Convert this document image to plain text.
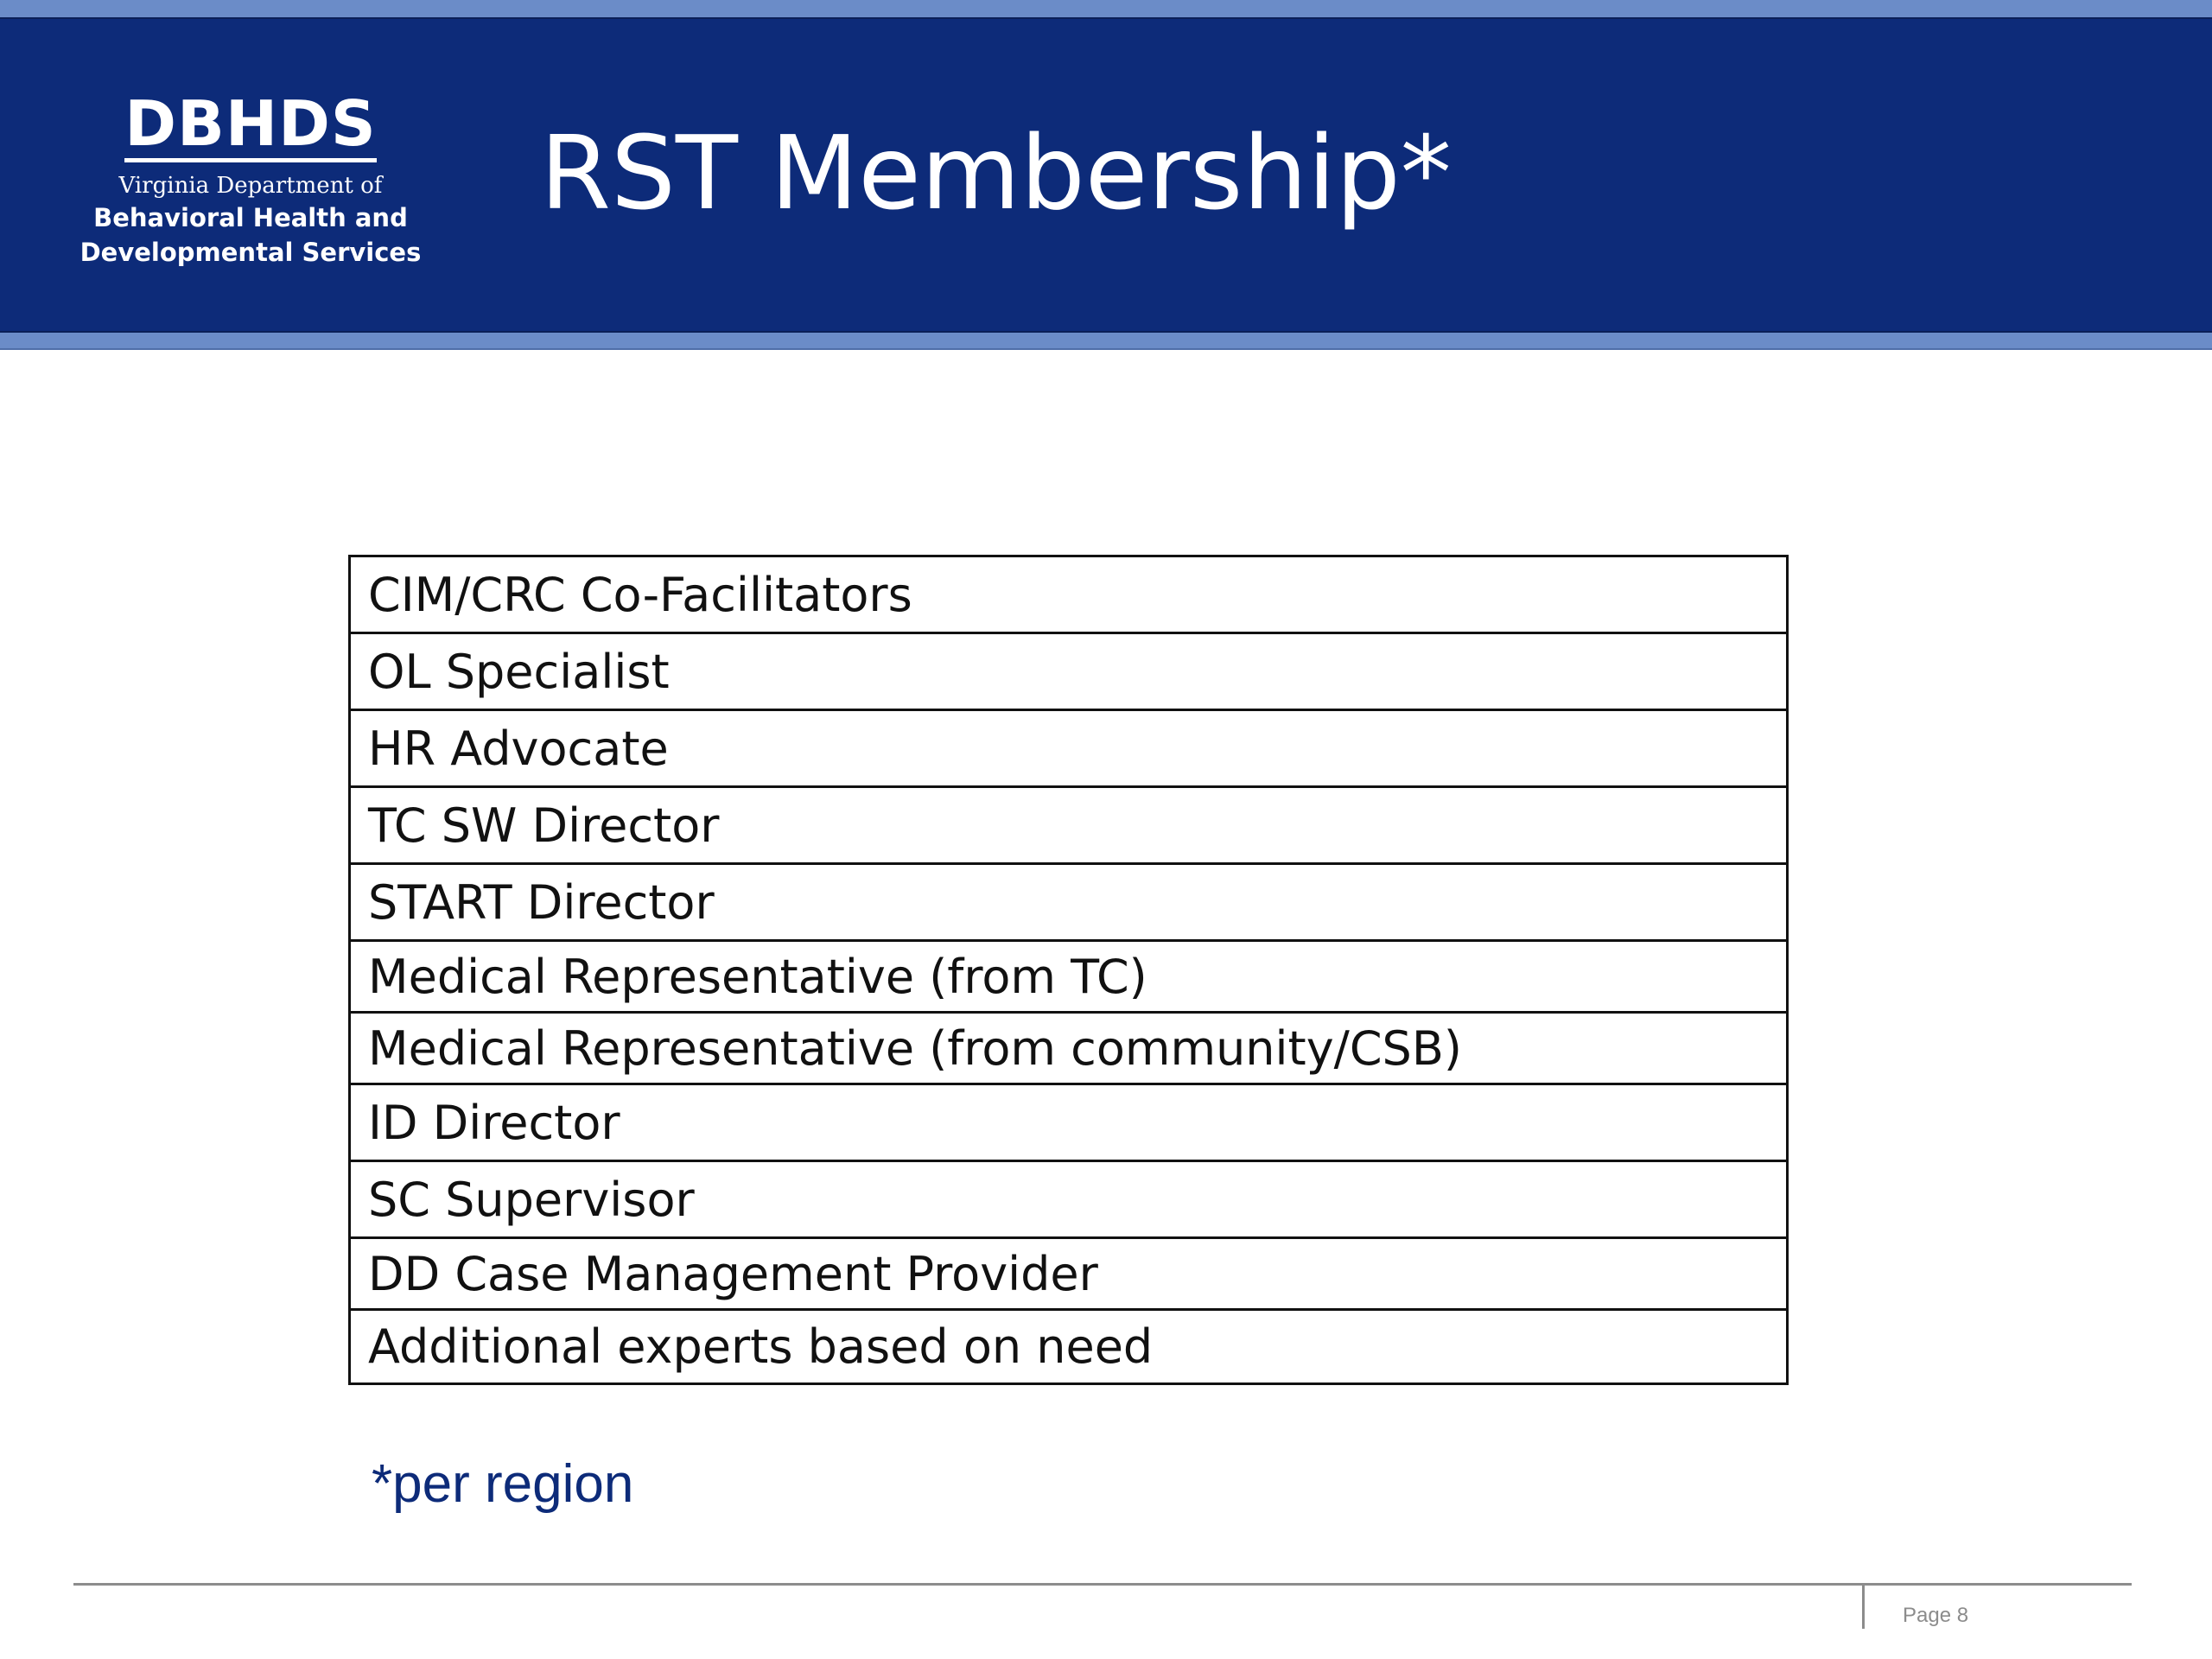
DBHDS
Virginia Department of
Behavioral Health and
Developmental Services
RST Membership*
CIM/CRC Co-Facilitators
OL Specialist
HR Advocate
TC SW Director
START Director
Medical Representative (from TC)
Medical Representative (from community/CSB)
ID Director
SC Supervisor
DD Case Management Provider
Additional experts based on need
*per region
Page 8
